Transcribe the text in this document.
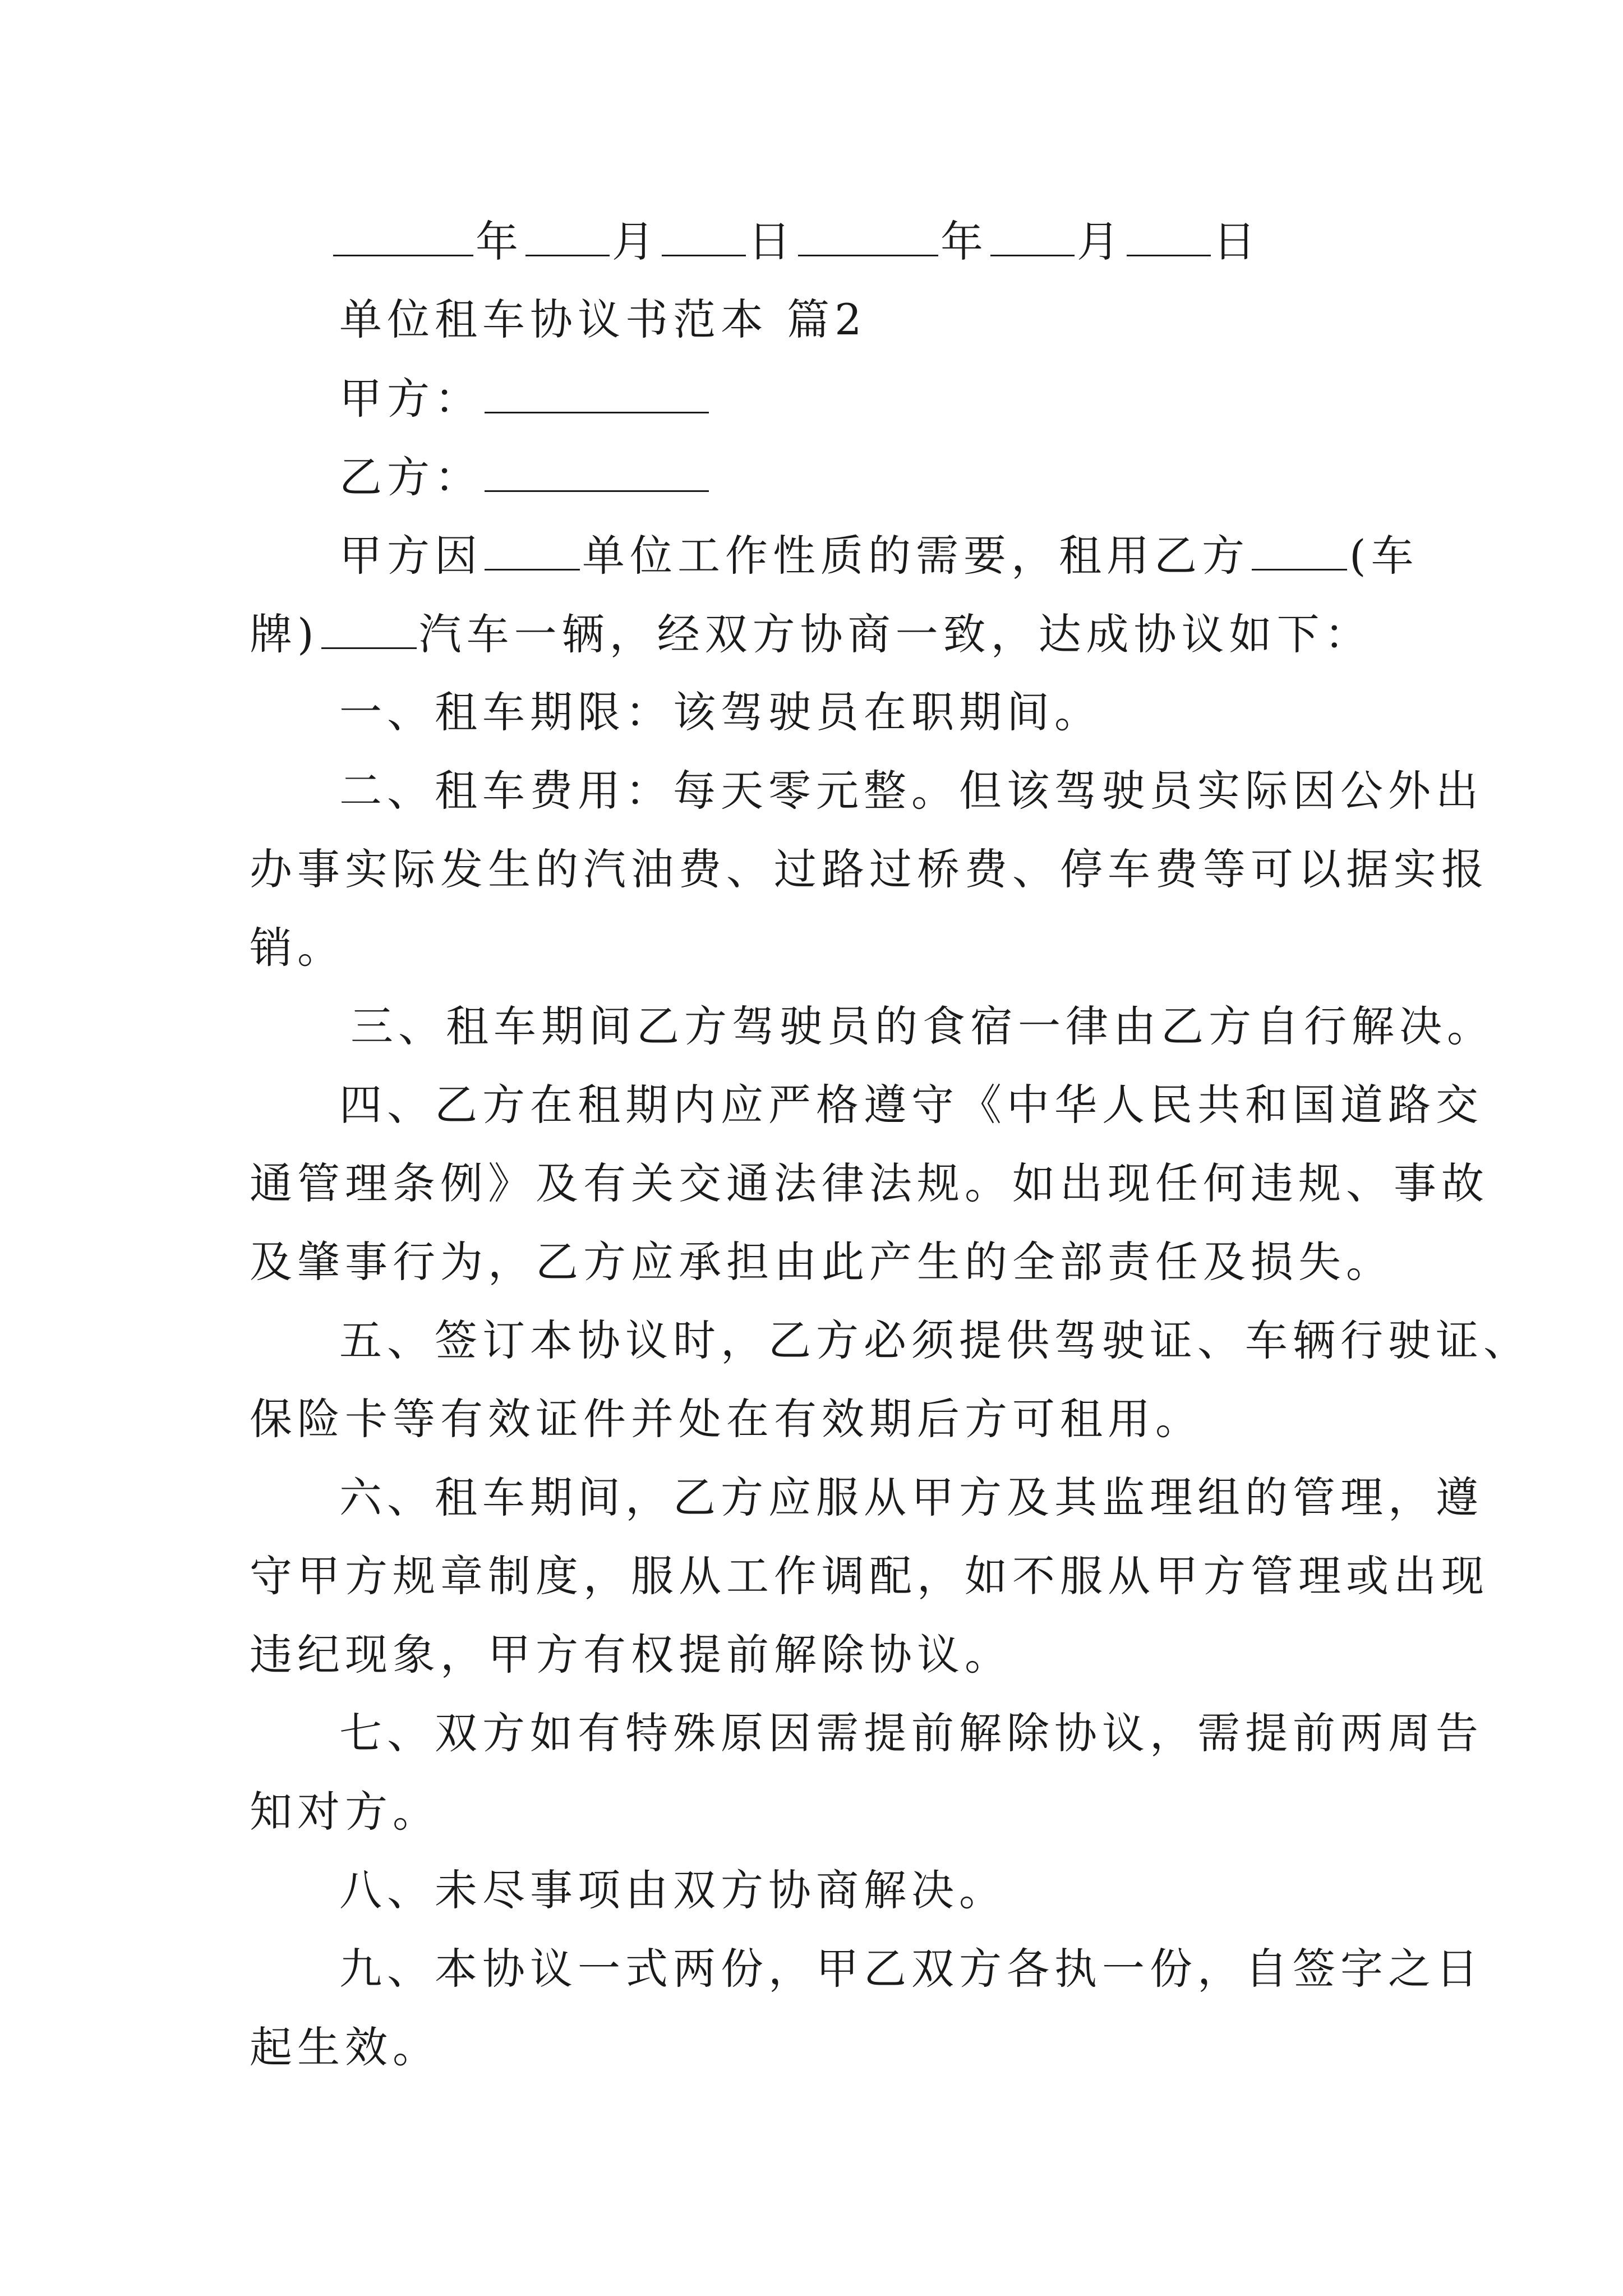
年 月 日	年 月 日
单位租车协议书范本 篇2
甲方：
乙方：
甲方因 单位工作性质的需要，租用乙方 (车
牌) 汽车一辆，经双方协商一致，达成协议如下：
一、租车期限：该驾驶员在职期间。
二、租车费用：每天零元整。但该驾驶员实际因公外出
办事实际发生的汽油费、过路过桥费、停车费等可以据实报
销。
三、租车期间乙方驾驶员的食宿一律由乙方自行解决。
四、乙方在租期内应严格遵守《中华人民共和国道路交
通管理条例》及有关交通法律法规。如出现任何违规、事故
及肇事行为，乙方应承担由此产生的全部责任及损失。
五、签订本协议时，乙方必须提供驾驶证、车辆行驶证、
保险卡等有效证件并处在有效期后方可租用。
六、租车期间，乙方应服从甲方及其监理组的管理，遵
守甲方规章制度，服从工作调配，如不服从甲方管理或出现
违纪现象，甲方有权提前解除协议。
七、双方如有特殊原因需提前解除协议，需提前两周告
知对方。
八、未尽事项由双方协商解决。
九、本协议一式两份，甲乙双方各执一份，自签字之日
起生效。
